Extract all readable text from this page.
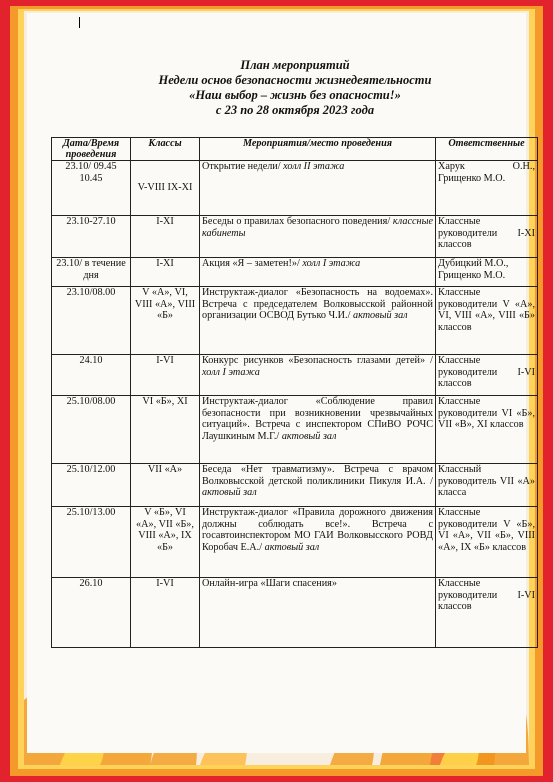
План мероприятий
Недели основ безопасности жизнедеятельности
«Наш выбор – жизнь без опасности!»
с 23 по 28 октября 2023 года
Дата/Время проведения	Классы	Мероприятия/место проведения	Ответственные
23.10/ 09.45 10.45	V-VIII IX-XI	Открытие недели/ холл II этажа	Харук О.Н., Грищенко М.О.
23.10-27.10	I-XI	Беседы о правилах безопасного поведения/ классные кабинеты	Классные руководители I-XI классов
23.10/ в течение дня	I-XI	Акция «Я – заметен!»/ холл I этажа	Дубицкий М.О., Грищенко М.О.
23.10/08.00	V «А», VI, VIII «А», VIII «Б»	Инструктаж-диалог «Безопасность на водоемах». Встреча с председателем Волковысской районной организации ОСВОД Бутько Ч.И./ актовый зал	Классные руководители V «А», VI, VIII «А», VIII «Б» классов
24.10	I-VI	Конкурс рисунков «Безопасность глазами детей» / холл I этажа	Классные руководители I-VI классов
25.10/08.00	VI «Б», XI	Инструктаж-диалог «Соблюдение правил безопасности при возникновении чрезвычайных ситуаций». Встреча с инспектором СПиВО РОЧС Лаушкиным М.Г./ актовый зал	Классные руководители VI «Б», VII «В», XI классов
25.10/12.00	VII «А»	Беседа «Нет травматизму». Встреча с врачом Волковысской детской поликлиники Пикуля И.А. /актовый зал	Классный руководитель VII «А» класса
25.10/13.00	V «Б», VI «А», VII «Б», VIII «А», IX «Б»	Инструктаж-диалог «Правила дорожного движения должны соблюдать все!». Встреча с госавтоинспектором МО ГАИ Волковысского РОВД Коробач Е.А./ актовый зал	Классные руководители V «Б», VI «А», VII «Б», VIII «А», IX «Б» классов
26.10	I-VI	Онлайн-игра «Шаги спасения»	Классные руководители I-VI классов
